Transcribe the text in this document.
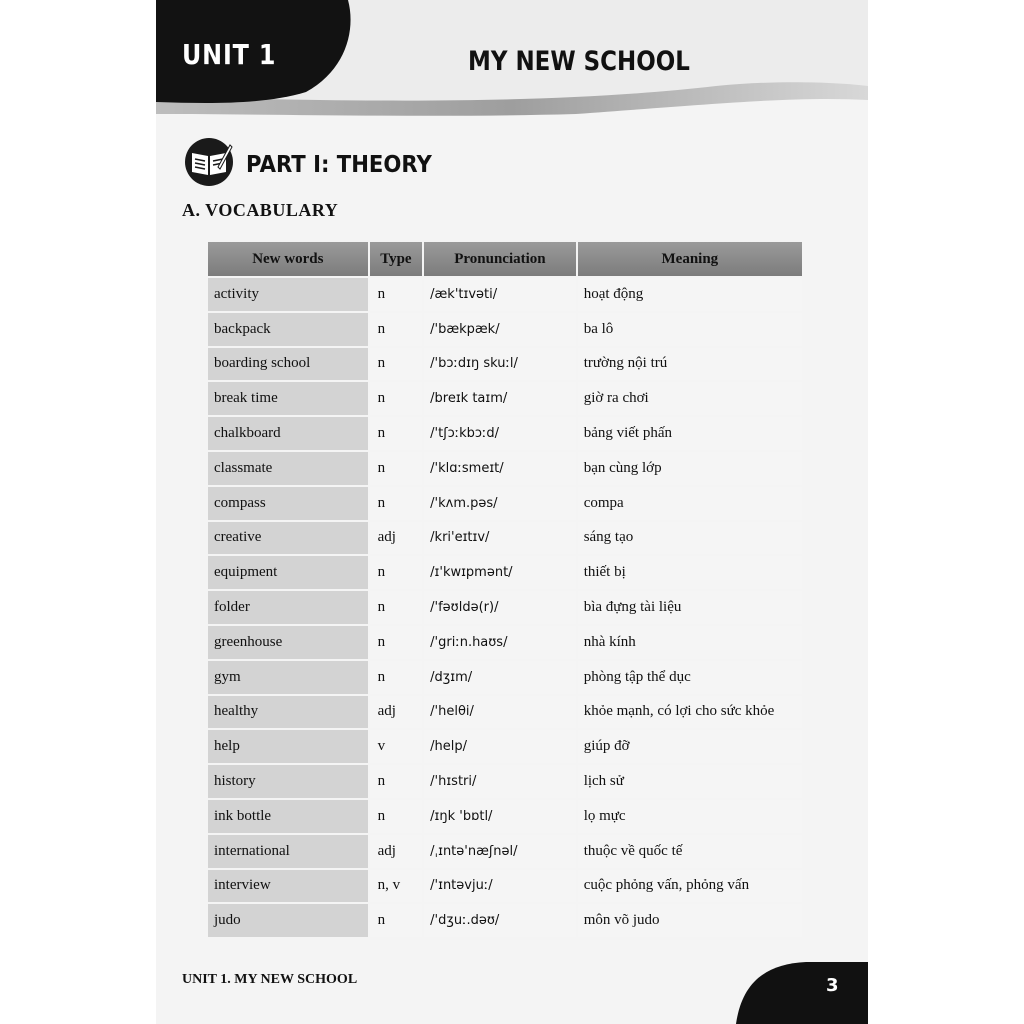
UNIT 1	MY NEW SCHOOL
PART I: THEORY
A. VOCABULARY
New words	Type	Pronunciation	Meaning
activity	n	/æk'tɪvəti/	hoạt động
backpack	n	/'bækpæk/	ba lô
boarding school	n	/'bɔːdɪŋ skuːl/	trường nội trú
break time	n	/breɪk taɪm/	giờ ra chơi
chalkboard	n	/'tʃɔːkbɔːd/	bảng viết phấn
classmate	n	/'klɑːsmeɪt/	bạn cùng lớp
compass	n	/'kʌm.pəs/	compa
creative	adj	/kri'eɪtɪv/	sáng tạo
equipment	n	/ɪ'kwɪpmənt/	thiết bị
folder	n	/'fəʊldə(r)/	bìa đựng tài liệu
greenhouse	n	/'griːn.haʊs/	nhà kính
gym	n	/dʒɪm/	phòng tập thể dục
healthy	adj	/'helθi/	khỏe mạnh, có lợi cho sức khỏe
help	v	/help/	giúp đỡ
history	n	/'hɪstri/	lịch sử
ink bottle	n	/ɪŋk 'bɒtl/	lọ mực
international	adj	/ˌɪntə'næʃnəl/	thuộc về quốc tế
interview	n, v	/'ɪntəvjuː/	cuộc phỏng vấn, phỏng vấn
judo	n	/'dʒuː.dəʊ/	môn võ judo
UNIT 1. MY NEW SCHOOL	3
